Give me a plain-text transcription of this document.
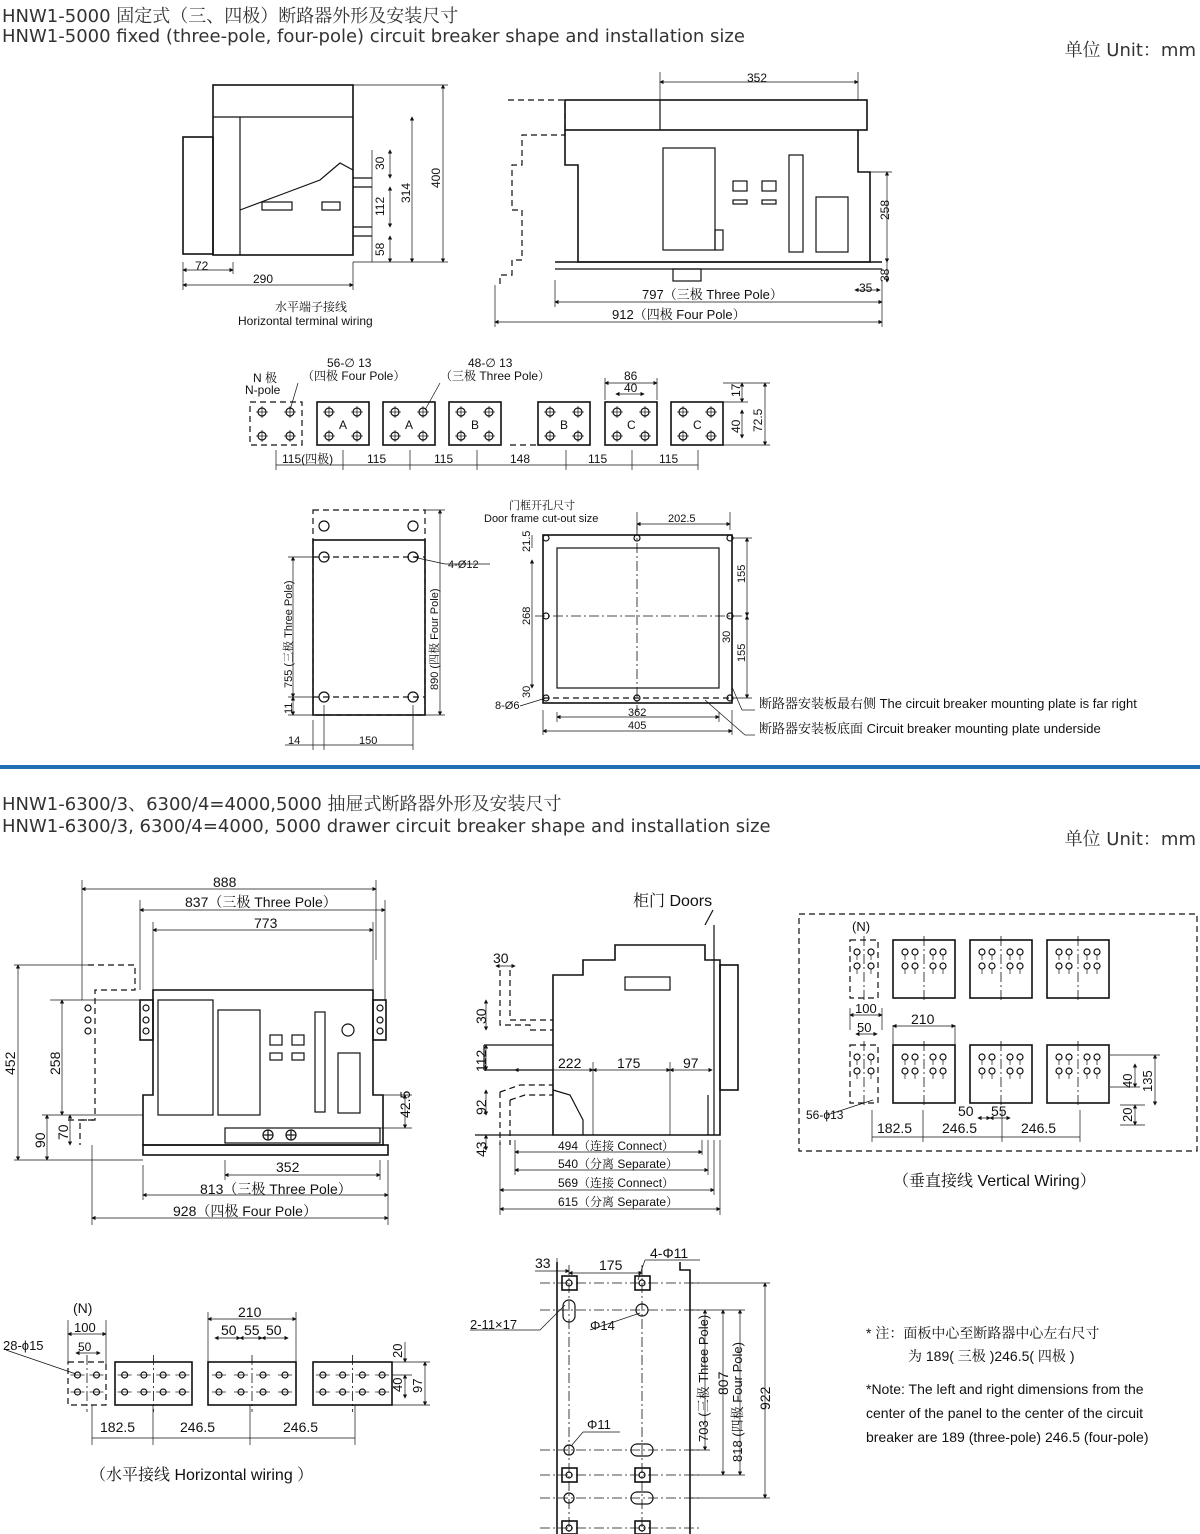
HNW1-5000 固定式（三、四极）断路器外形及安装尺寸
HNW1-5000 fixed (three-pole, four-pole) circuit breaker shape and installation size
单位 Unit：mm
HNW1-6300/3、6300/4=4000,5000 抽屉式断路器外形及安装尺寸
HNW1-6300/3, 6300/4=4000, 5000 drawer circuit breaker shape and installation size
单位 Unit：mm
72
290
30
112
58
314
400
水平端子接线
Horizontal terminal wiring
352
258
38
35
797（三极 Three Pole）
912（四极 Four Pole）
N 极
N-pole
56-∅ 13
（四极 Four Pole）
48-∅ 13
（三极 Three Pole）
A	A	B	B	C	C
86
40	17
40 72.5
115(四极)	115	115	148	115	115
4-Ø12
755 (三极 Three Pole)
11
890 (四极 Four Pole)
14	150
门框开孔尺寸
Door frame cut-out size	202.5
21.5
268
155
30
155
30
8-Ø6
362
405
断路器安装板最右侧 The circuit breaker mounting plate is far right
断路器安装板底面 Circuit breaker mounting plate underside
888
837（三极 Three Pole）
773
452 258
90
70
42.5
352
813（三极 Three Pole）
928（四极 Four Pole）
柜门 Doors
30
30
112
92
43
222	175	97
494（连接 Connect）
540（分离 Separate）
569（连接 Connect）
615（分离 Separate）
(N)
100
50
210
40 135
20
50 55
56-ϕ13
182.5 246.5	246.5
（垂直接线 Vertical Wiring）
(N)
100
50
28-ϕ15
210
50 55 50
20
40 97
182.5	246.5	246.5
（水平接线 Horizontal wiring ）
33	175
4-Φ11
2-11×17	Φ14
Φ11	703 (三极 Three Pole) 807 818 (四极 Four Pole) 922
* 注：面板中心至断路器中心左右尺寸
为 189( 三极 )246.5( 四极 )
*Note: The left and right dimensions from the
center of the panel to the center of the circuit
breaker are 189 (three-pole) 246.5 (four-pole)
